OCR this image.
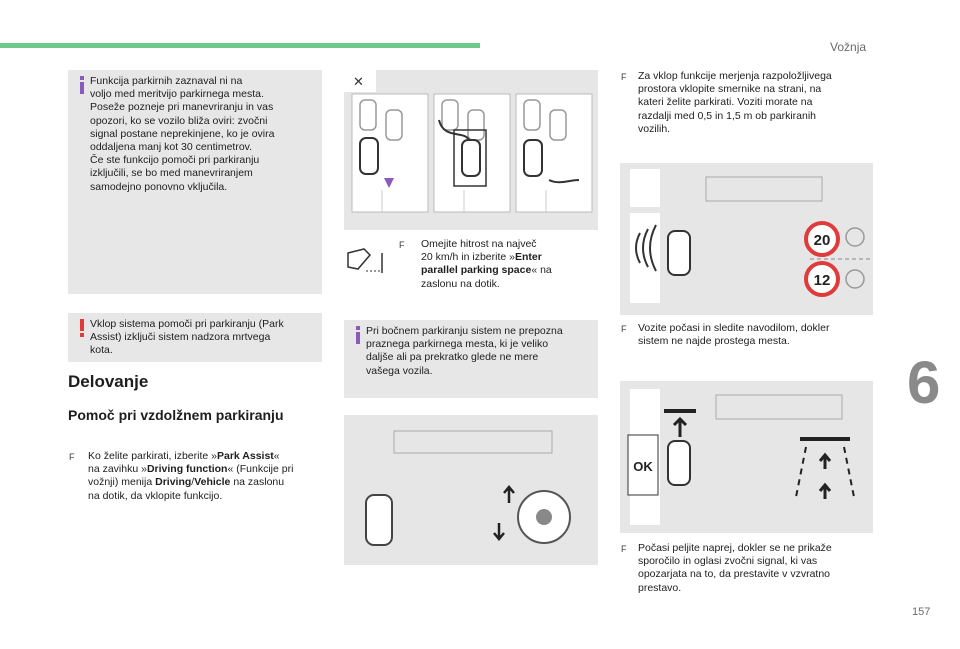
Vožnja
6
157
Funkcija parkirnih zaznaval ni na
voljo med meritvijo parkirnega mesta.
Poseže pozneje pri manevriranju in vas
opozori, ko se vozilo bliža oviri: zvočni
signal postane neprekinjene, ko je ovira
oddaljena manj kot 30 centimetrov.
Če ste funkcijo pomoči pri parkiranju
izključili, se bo med manevriranjem
samodejno ponovno vključila.
Vklop sistema pomoči pri parkiranju (Park
Assist) izključi sistem nadzora mrtvega
kota.
Delovanje
Pomoč pri vzdolžnem parkiranju
F Ko želite parkirati, izberite »Park Assist«
na zavihku »Driving function« (Funkcije pri
vožnji) menija Driving/Vehicle na zaslonu
na dotik, da vklopite funkcijo.
✕
F Omejite hitrost na največ
20 km/h in izberite »Enter
parallel parking space« na
zaslonu na dotik.
Pri bočnem parkiranju sistem ne prepozna
praznega parkirnega mesta, ki je veliko
daljše ali pa prekratko glede ne mere
vašega vozila.
F Za vklop funkcije merjenja razpoložljivega
prostora vklopite smernike na strani, na
kateri želite parkirati. Voziti morate na
razdalji med 0,5 in 1,5 m ob parkiranih
vozilih.
20
12
F Vozite počasi in sledite navodilom, dokler
sistem ne najde prostega mesta.
OK
F Počasi peljite naprej, dokler se ne prikaže
sporočilo in oglasi zvočni signal, ki vas
opozarjata na to, da prestavite v vzvratno
prestavo.
